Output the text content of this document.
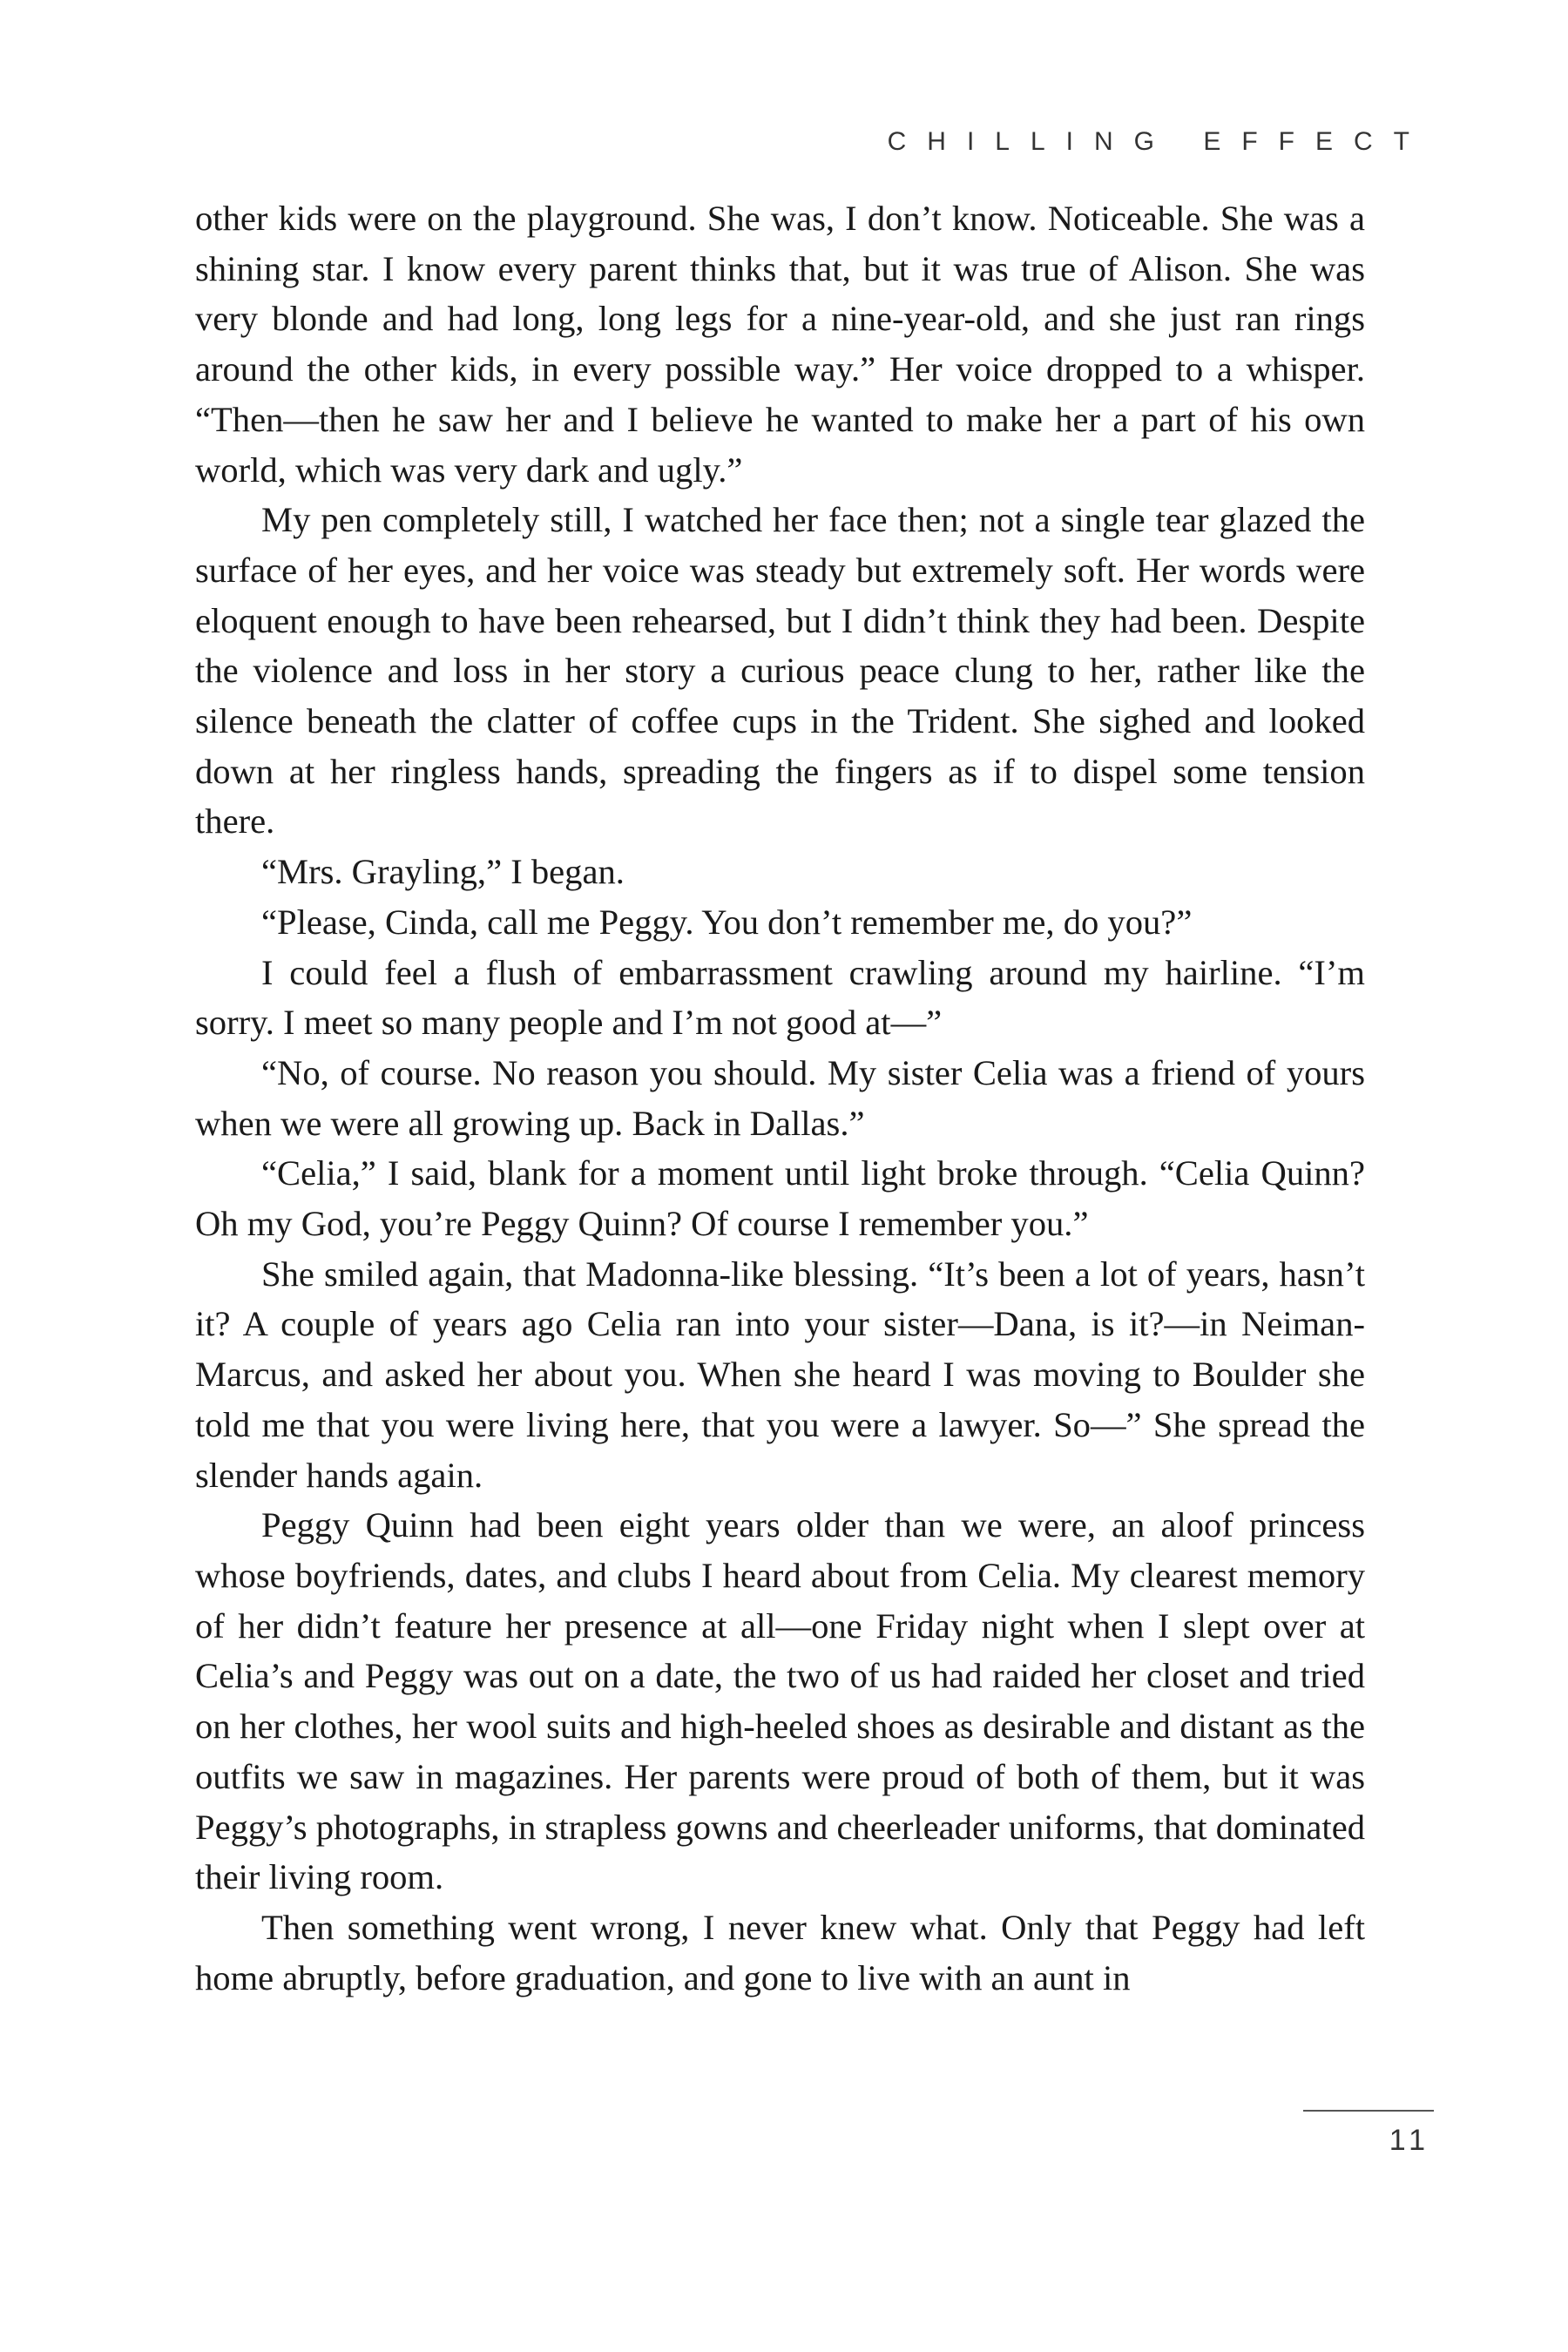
CHILLING EFFECT

other kids were on the playground. She was, I don’t know. Noticeable. She was a shining star. I know every parent thinks that, but it was true of Alison. She was very blonde and had long, long legs for a nine-year-old, and she just ran rings around the other kids, in every possible way.” Her voice dropped to a whisper. “Then—then he saw her and I believe he wanted to make her a part of his own world, which was very dark and ugly.”

My pen completely still, I watched her face then; not a single tear glazed the surface of her eyes, and her voice was steady but extremely soft. Her words were eloquent enough to have been rehearsed, but I didn’t think they had been. Despite the violence and loss in her story a curious peace clung to her, rather like the silence beneath the clatter of coffee cups in the Trident. She sighed and looked down at her ringless hands, spreading the fingers as if to dispel some tension there.

“Mrs. Grayling,” I began.

“Please, Cinda, call me Peggy. You don’t remember me, do you?”

I could feel a flush of embarrassment crawling around my hairline. “I’m sorry. I meet so many people and I’m not good at—”

“No, of course. No reason you should. My sister Celia was a friend of yours when we were all growing up. Back in Dallas.”

“Celia,” I said, blank for a moment until light broke through. “Celia Quinn? Oh my God, you’re Peggy Quinn? Of course I remember you.”

She smiled again, that Madonna-like blessing. “It’s been a lot of years, hasn’t it? A couple of years ago Celia ran into your sister—Dana, is it?—in Neiman-Marcus, and asked her about you. When she heard I was moving to Boulder she told me that you were living here, that you were a lawyer. So—” She spread the slender hands again.

Peggy Quinn had been eight years older than we were, an aloof princess whose boyfriends, dates, and clubs I heard about from Celia. My clearest memory of her didn’t feature her presence at all—one Friday night when I slept over at Celia’s and Peggy was out on a date, the two of us had raided her closet and tried on her clothes, her wool suits and high-heeled shoes as desirable and distant as the outfits we saw in magazines. Her parents were proud of both of them, but it was Peggy’s photographs, in strapless gowns and cheerleader uniforms, that dominated their living room.

Then something went wrong, I never knew what. Only that Peggy had left home abruptly, before graduation, and gone to live with an aunt in

11
